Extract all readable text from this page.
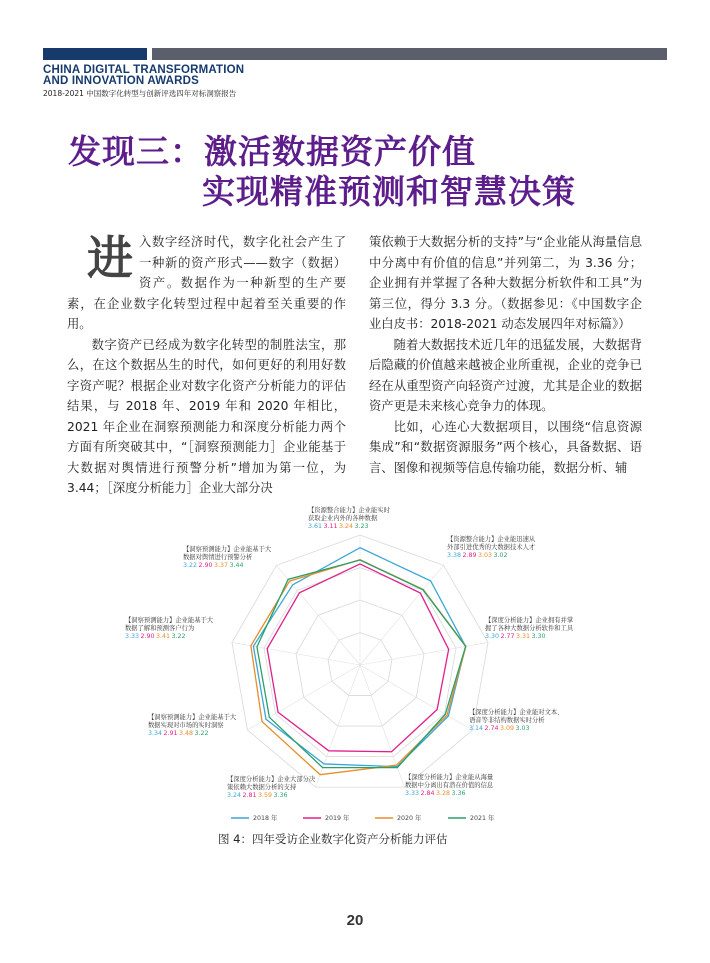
CHINA DIGITAL TRANSFORMATION
AND INNOVATION AWARDS
2018-2021 中国数字化转型与创新评选四年对标洞察报告
发现三：激活数据资产价值
实现精准预测和智慧决策

进入数字经济时代，数字化社会产生了一种新的资产形式——数字（数据）资产。数据作为一种新型的生产要素，在企业数字化转型过程中起着至关重要的作用。

数字资产已经成为数字化转型的制胜法宝，那么，在这个数据丛生的时代，如何更好的利用好数字资产呢？根据企业对数字化资产分析能力的评估结果，与 2018 年、2019 年和 2020 年相比，2021 年企业在洞察预测能力和深度分析能力两个方面有所突破其中，“［洞察预测能力］企业能基于大数据对舆情进行预警分析”增加为第一位，为 3.44；［深度分析能力］企业大部分决

策依赖于大数据分析的支持”与“企业能从海量信息中分离中有价值的信息”并列第二，为 3.36 分；企业拥有并掌握了各种大数据分析软件和工具”为第三位，得分 3.3 分。（数据参见：《中国数字企业白皮书：2018-2021 动态发展四年对标篇》）

随着大数据技术近几年的迅猛发展，大数据背后隐藏的价值越来越被企业所重视，企业的竞争已经在从重型资产向轻资产过渡，尤其是企业的数据资产更是未来核心竞争力的体现。

比如，心连心大数据项目，以围绕“信息资源集成”和“数据资源服务”两个核心，具备数据、语言、图像和视频等信息传输功能，数据分析、辅

【资源整合能力】企业能实时
获取企业内外的各种数据
3.61 3.11 3.24 3.23
【资源整合能力】企业能迅速从
外部引进优秀的大数据技术人才
3.38 2.89 3.03 3.02
【深度分析能力】企业拥有并掌
握了各种大数据分析软件和工具
3.30 2.77 3.31 3.30
【深度分析能力】企业能对文本、
语音等非结构数据实时分析
3.14 2.74 3.09 3.03
【深度分析能力】企业能从海量
数据中分离出有潜在价值的信息
3.33 2.84 3.28 3.36
【深度分析能力】企业大部分决
策依赖大数据分析的支持
3.24 2.81 3.59 3.36
【洞察预测能力】企业能基于大
数据实现对市场的实时洞察
3.34 2.91 3.48 3.22
【洞察预测能力】企业能基于大
数据了解和预测客户行为
3.33 2.90 3.41 3.22
【洞察预测能力】企业能基于大
数据对舆情进行预警分析
3.22 2.90 3.37 3.44
2018 年	2019 年	2020 年	2021 年
图 4：四年受访企业数字化资产分析能力评估
20
